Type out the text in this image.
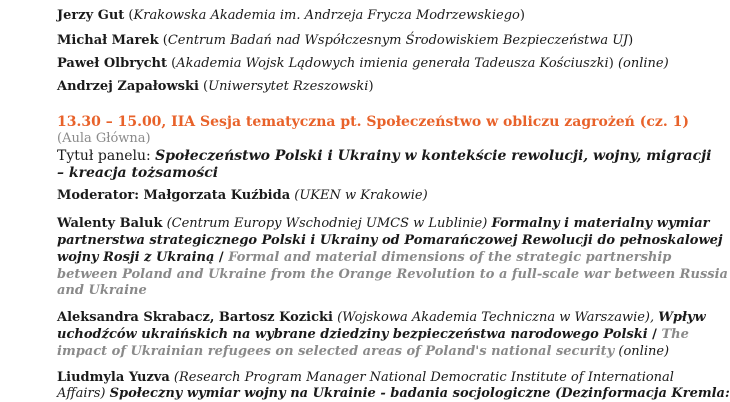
Jerzy Gut (Krakowska Akademia im. Andrzeja Frycza Modrzewskiego)
Michał Marek (Centrum Badań nad Współczesnym Środowiskiem Bezpieczeństwa UJ)
Paweł Olbrycht (Akademia Wojsk Lądowych imienia generała Tadeusza Kościuszki) (online)
Andrzej Zapałowski (Uniwersytet Rzeszowski)
13.30 – 15.00, IIA Sesja tematyczna pt. Społeczeństwo w obliczu zagrożeń (cz. 1)
(Aula Główna)
Tytuł panelu: Społeczeństwo Polski i Ukrainy w kontekście rewolucji, wojny, migracji
– kreacja tożsamości
Moderator: Małgorzata Kuźbida (UKEN w Krakowie)
Walenty Baluk (Centrum Europy Wschodniej UMCS w Lublinie) Formalny i materialny wymiar
partnerstwa strategicznego Polski i Ukrainy od Pomarańczowej Rewolucji do pełnoskalowej
wojny Rosji z Ukrainą / Formal and material dimensions of the strategic partnership
between Poland and Ukraine from the Orange Revolution to a full-scale war between Russia
and Ukraine
Aleksandra Skrabacz, Bartosz Kozicki (Wojskowa Akademia Techniczna w Warszawie), Wpływ
uchodźców ukraińskich na wybrane dziedziny bezpieczeństwa narodowego Polski / The
impact of Ukrainian refugees on selected areas of Poland's national security (online)
Liudmyla Yuzva (Research Program Manager National Democratic Institute of International
Affairs) Społeczny wymiar wojny na Ukrainie - badania socjologiczne (Dezinformacja Kremla:
